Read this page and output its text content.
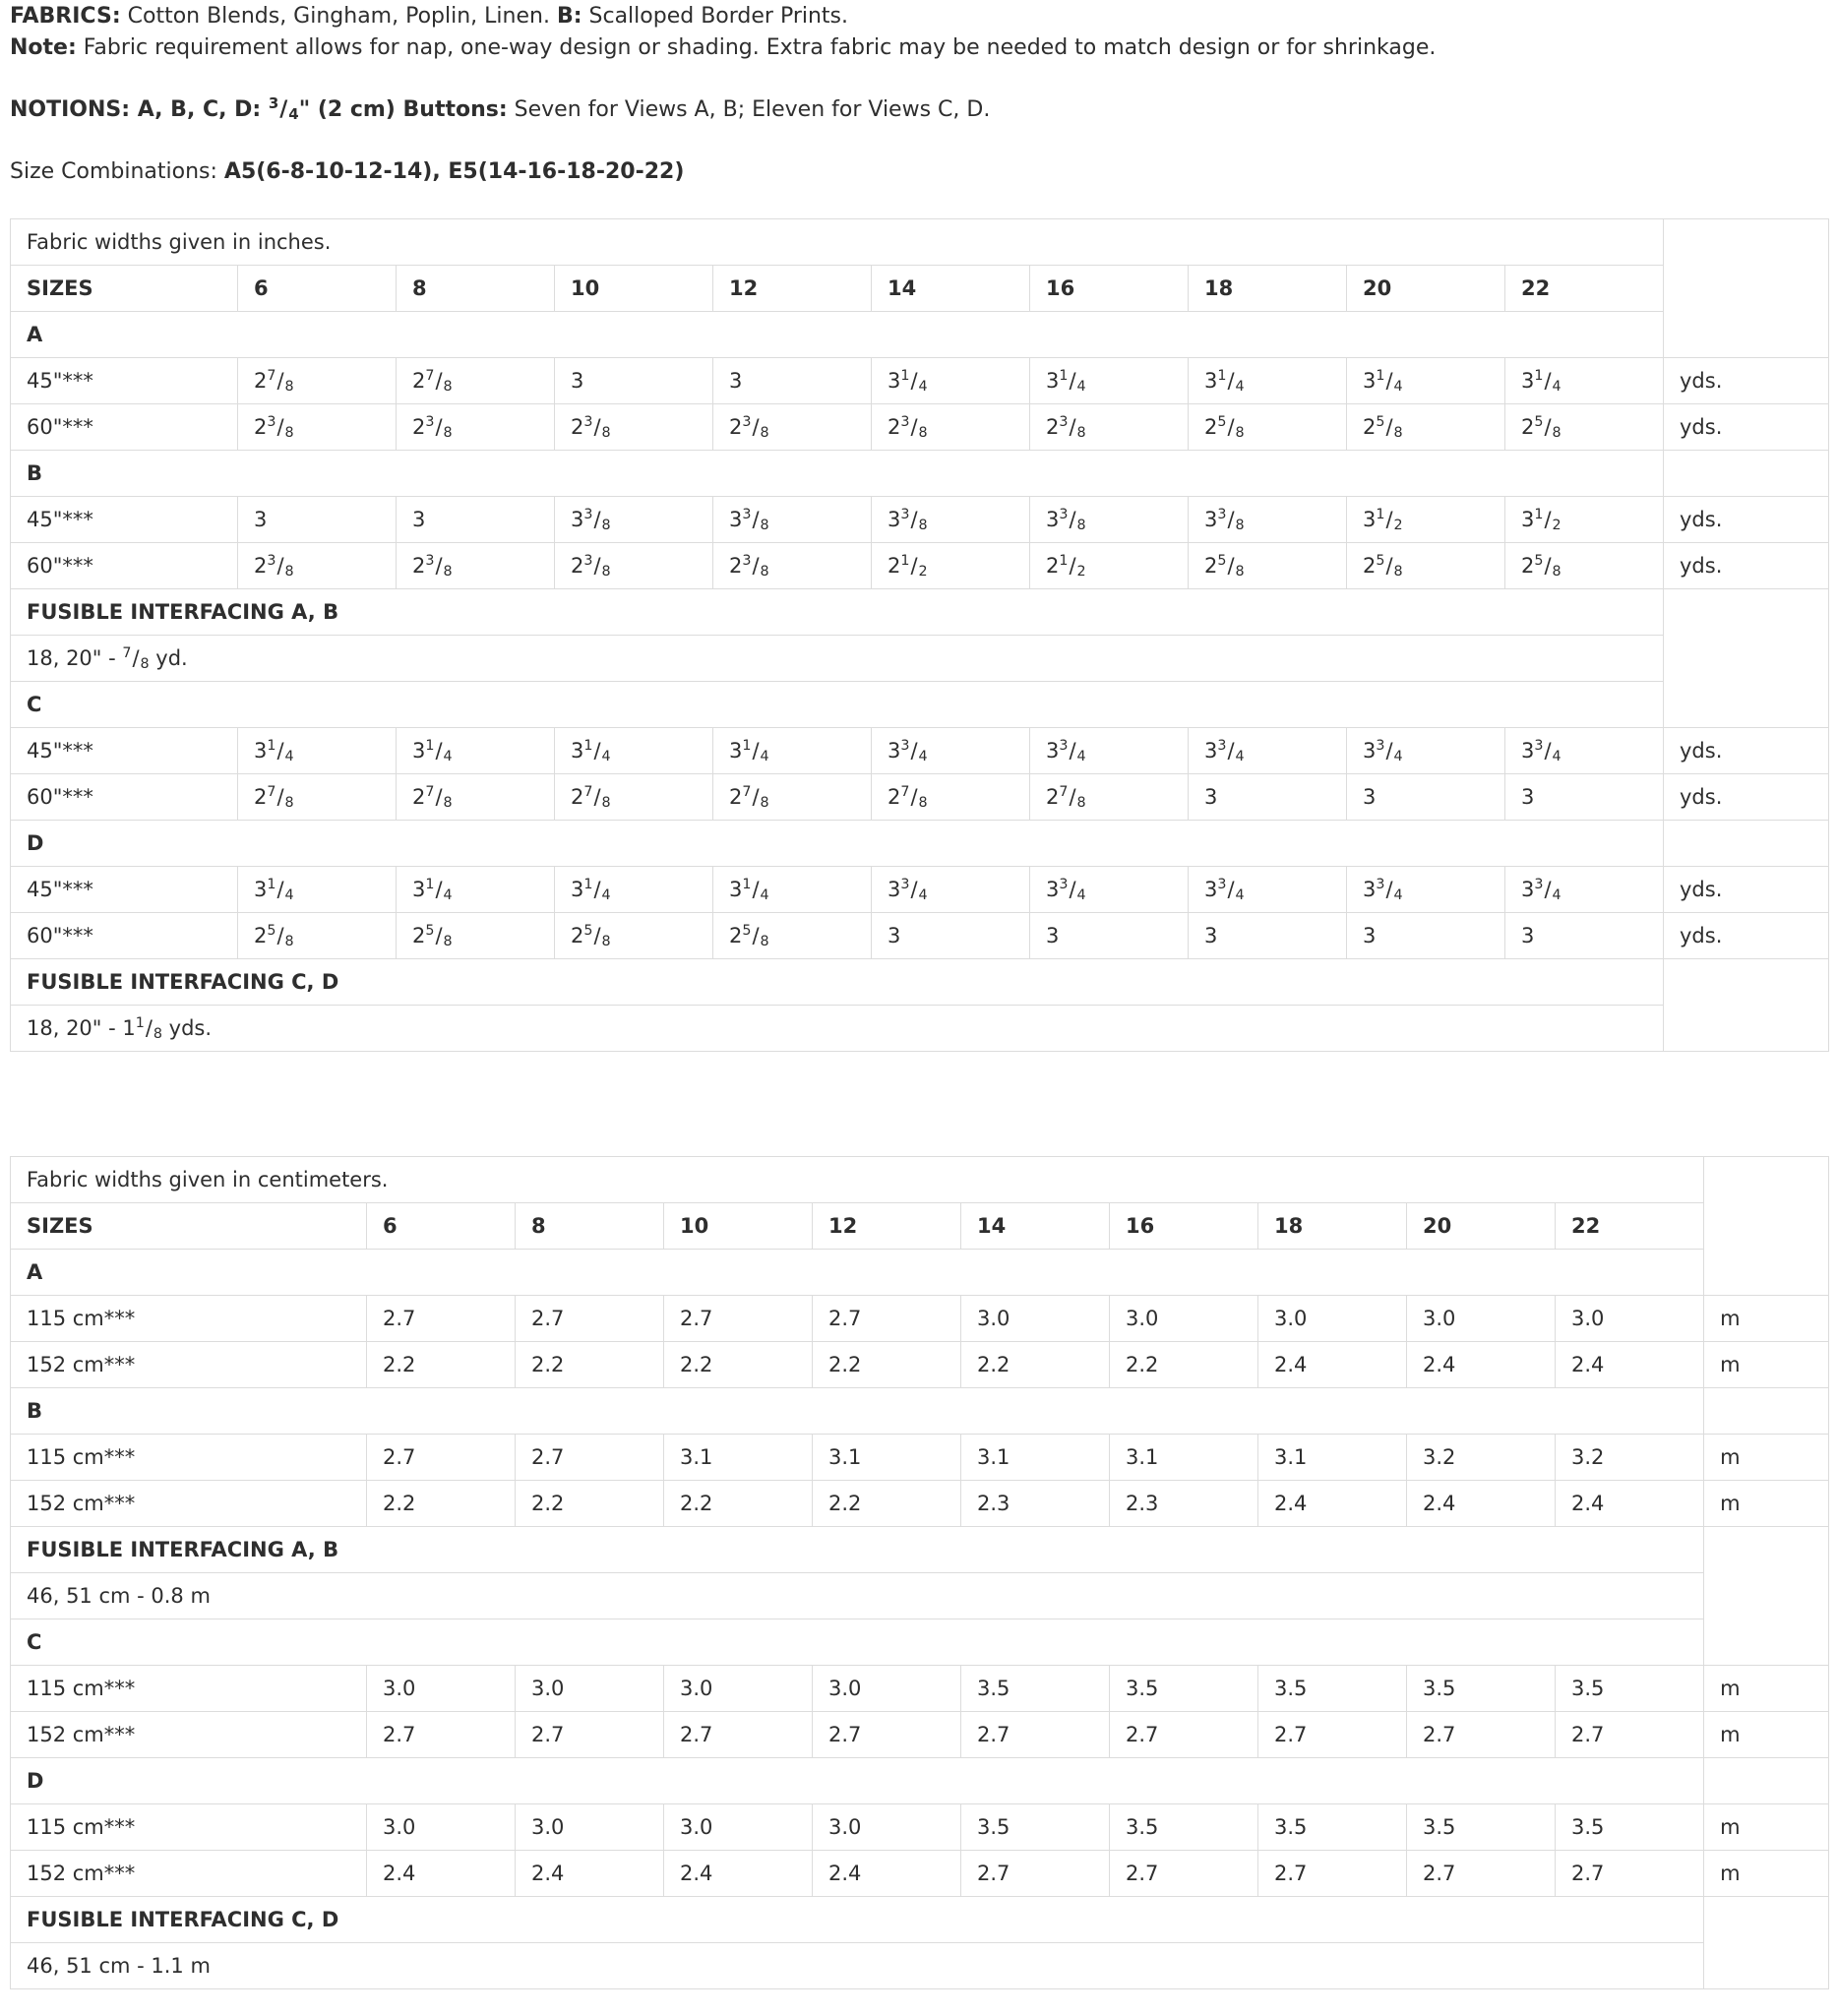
FABRICS: Cotton Blends, Gingham, Poplin, Linen. B: Scalloped Border Prints.

Note: Fabric requirement allows for nap, one-way design or shading. Extra fabric may be needed to match design or for shrinkage.

NOTIONS: A, B, C, D: $^3/_4$" (2 cm) Buttons: Seven for Views A, B; Eleven for Views C, D.

Size Combinations: A5(6-8-10-12-14), E5(14-16-18-20-22)

Fabric widths given in inches.										
SIZES	6	8	10	12	14	16	18	20	22	
A										
45"***	$2^7/_8$	$2^7/_8$	3	3	$3^1/_4$	$3^1/_4$	$3^1/_4$	$3^1/_4$	$3^1/_4$	yds.
60"***	$2^3/_8$	$2^3/_8$	$2^3/_8$	$2^3/_8$	$2^3/_8$	$2^3/_8$	$2^5/_8$	$2^5/_8$	$2^5/_8$	yds.
B										
45"***	3	3	$3^3/_8$	$3^3/_8$	$3^3/_8$	$3^3/_8$	$3^3/_8$	$3^1/_2$	$3^1/_2$	yds.
60"***	$2^3/_8$	$2^3/_8$	$2^3/_8$	$2^3/_8$	$2^1/_2$	$2^1/_2$	$2^5/_8$	$2^5/_8$	$2^5/_8$	yds.
FUSIBLE INTERFACING A, B										
18, 20" - $^7/_8$ yd.										
C										
45"***	$3^1/_4$	$3^1/_4$	$3^1/_4$	$3^1/_4$	$3^3/_4$	$3^3/_4$	$3^3/_4$	$3^3/_4$	$3^3/_4$	yds.
60"***	$2^7/_8$	$2^7/_8$	$2^7/_8$	$2^7/_8$	$2^7/_8$	$2^7/_8$	3	3	3	yds.
D										
45"***	$3^1/_4$	$3^1/_4$	$3^1/_4$	$3^1/_4$	$3^3/_4$	$3^3/_4$	$3^3/_4$	$3^3/_4$	$3^3/_4$	yds.
60"***	$2^5/_8$	$2^5/_8$	$2^5/_8$	$2^5/_8$	3	3	3	3	3	yds.
FUSIBLE INTERFACING C, D										
18, 20" - $1^1/_8$ yds.										
Fabric widths given in centimeters.										
SIZES	6	8	10	12	14	16	18	20	22	
A										
115 cm***	2.7	2.7	2.7	2.7	3.0	3.0	3.0	3.0	3.0	m
152 cm***	2.2	2.2	2.2	2.2	2.2	2.2	2.4	2.4	2.4	m
B										
115 cm***	2.7	2.7	3.1	3.1	3.1	3.1	3.1	3.2	3.2	m
152 cm***	2.2	2.2	2.2	2.2	2.3	2.3	2.4	2.4	2.4	m
FUSIBLE INTERFACING A, B										
46, 51 cm - 0.8 m										
C										
115 cm***	3.0	3.0	3.0	3.0	3.5	3.5	3.5	3.5	3.5	m
152 cm***	2.7	2.7	2.7	2.7	2.7	2.7	2.7	2.7	2.7	m
D										
115 cm***	3.0	3.0	3.0	3.0	3.5	3.5	3.5	3.5	3.5	m
152 cm***	2.4	2.4	2.4	2.4	2.7	2.7	2.7	2.7	2.7	m
FUSIBLE INTERFACING C, D										
46, 51 cm - 1.1 m										
